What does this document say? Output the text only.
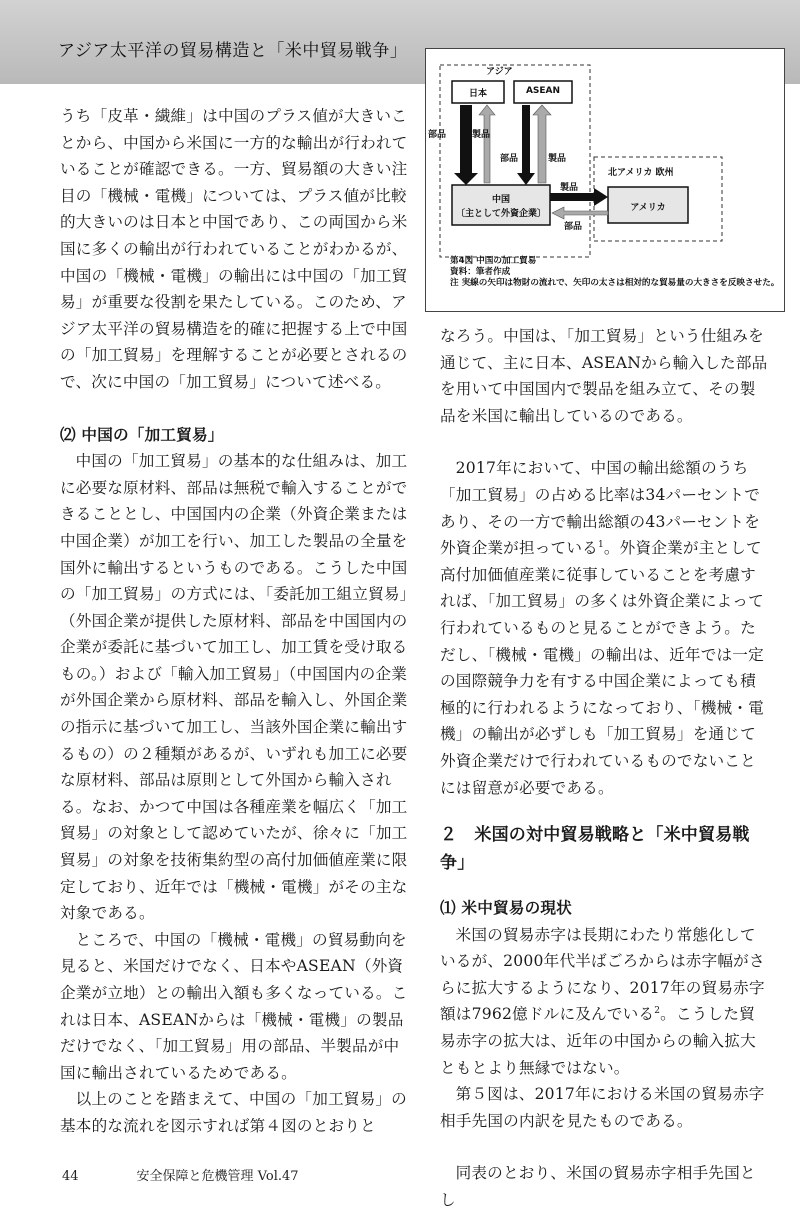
アジア太平洋の貿易構造と「米中貿易戦争」
アジア
日本	ASEAN
中国
〔主として外資企業〕
北アメリカ 欧州
アメリカ
部品	製品
部品	製品
製品
部品
第4図 中国の加工貿易
資料：筆者作成
注 実線の矢印は物財の流れで、矢印の太さは相対的な貿易量の大きさを反映させた。

うち「皮革・繊維」は中国のプラス値が大きいことから、中国から米国に一方的な輸出が行われていることが確認できる。一方、貿易額の大きい注目の「機械・電機」については、プラス値が比較的大きいのは日本と中国であり、この両国から米国に多くの輸出が行われていることがわかるが、中国の「機械・電機」の輸出には中国の「加工貿易」が重要な役割を果たしている。このため、アジア太平洋の貿易構造を的確に把握する上で中国の「加工貿易」を理解することが必要とされるので、次に中国の「加工貿易」について述べる。

⑵ 中国の「加工貿易」

中国の「加工貿易」の基本的な仕組みは、加工に必要な原材料、部品は無税で輸入することができることとし、中国国内の企業（外資企業または中国企業）が加工を行い、加工した製品の全量を国外に輸出するというものである。こうした中国の「加工貿易」の方式には、「委託加工組立貿易」（外国企業が提供した原材料、部品を中国国内の企業が委託に基づいて加工し、加工賃を受け取るもの。）および「輸入加工貿易」（中国国内の企業が外国企業から原材料、部品を輸入し、外国企業の指示に基づいて加工し、当該外国企業に輸出するもの）の２種類があるが、いずれも加工に必要な原材料、部品は原則として外国から輸入される。なお、かつて中国は各種産業を幅広く「加工貿易」の対象として認めていたが、徐々に「加工貿易」の対象を技術集約型の高付加価値産業に限定しており、近年では「機械・電機」がその主な対象である。

ところで、中国の「機械・電機」の貿易動向を見ると、米国だけでなく、日本やASEAN（外資企業が立地）との輸出入額も多くなっている。これは日本、ASEANからは「機械・電機」の製品だけでなく、「加工貿易」用の部品、半製品が中国に輸出されているためである。

以上のことを踏まえて、中国の「加工貿易」の基本的な流れを図示すれば第４図のとおりと

なろう。中国は、「加工貿易」という仕組みを通じて、主に日本、ASEANから輸入した部品を用いて中国国内で製品を組み立て、その製品を米国に輸出しているのである。

2017年において、中国の輸出総額のうち「加工貿易」の占める比率は34パーセントであり、その一方で輸出総額の43パーセントを外資企業が担っている$^1$。外資企業が主として高付加価値産業に従事していることを考慮すれば、「加工貿易」の多くは外資企業によって行われているものと見ることができよう。ただし、「機械・電機」の輸出は、近年では一定の国際競争力を有する中国企業によっても積極的に行われるようになっており、「機械・電機」の輸出が必ずしも「加工貿易」を通じて外資企業だけで行われているものでないことには留意が必要である。

２　米国の対中貿易戦略と「米中貿易戦争」
⑴ 米中貿易の現状

米国の貿易赤字は長期にわたり常態化しているが、2000年代半ばごろからは赤字幅がさらに拡大するようになり、2017年の貿易赤字額は7962億ドルに及んでいる$^2$。こうした貿易赤字の拡大は、近年の中国からの輸入拡大ともとより無縁ではない。

第５図は、2017年における米国の貿易赤字相手先国の内訳を見たものである。

同表のとおり、米国の貿易赤字相手先国とし

44	安全保障と危機管理 Vol.47
